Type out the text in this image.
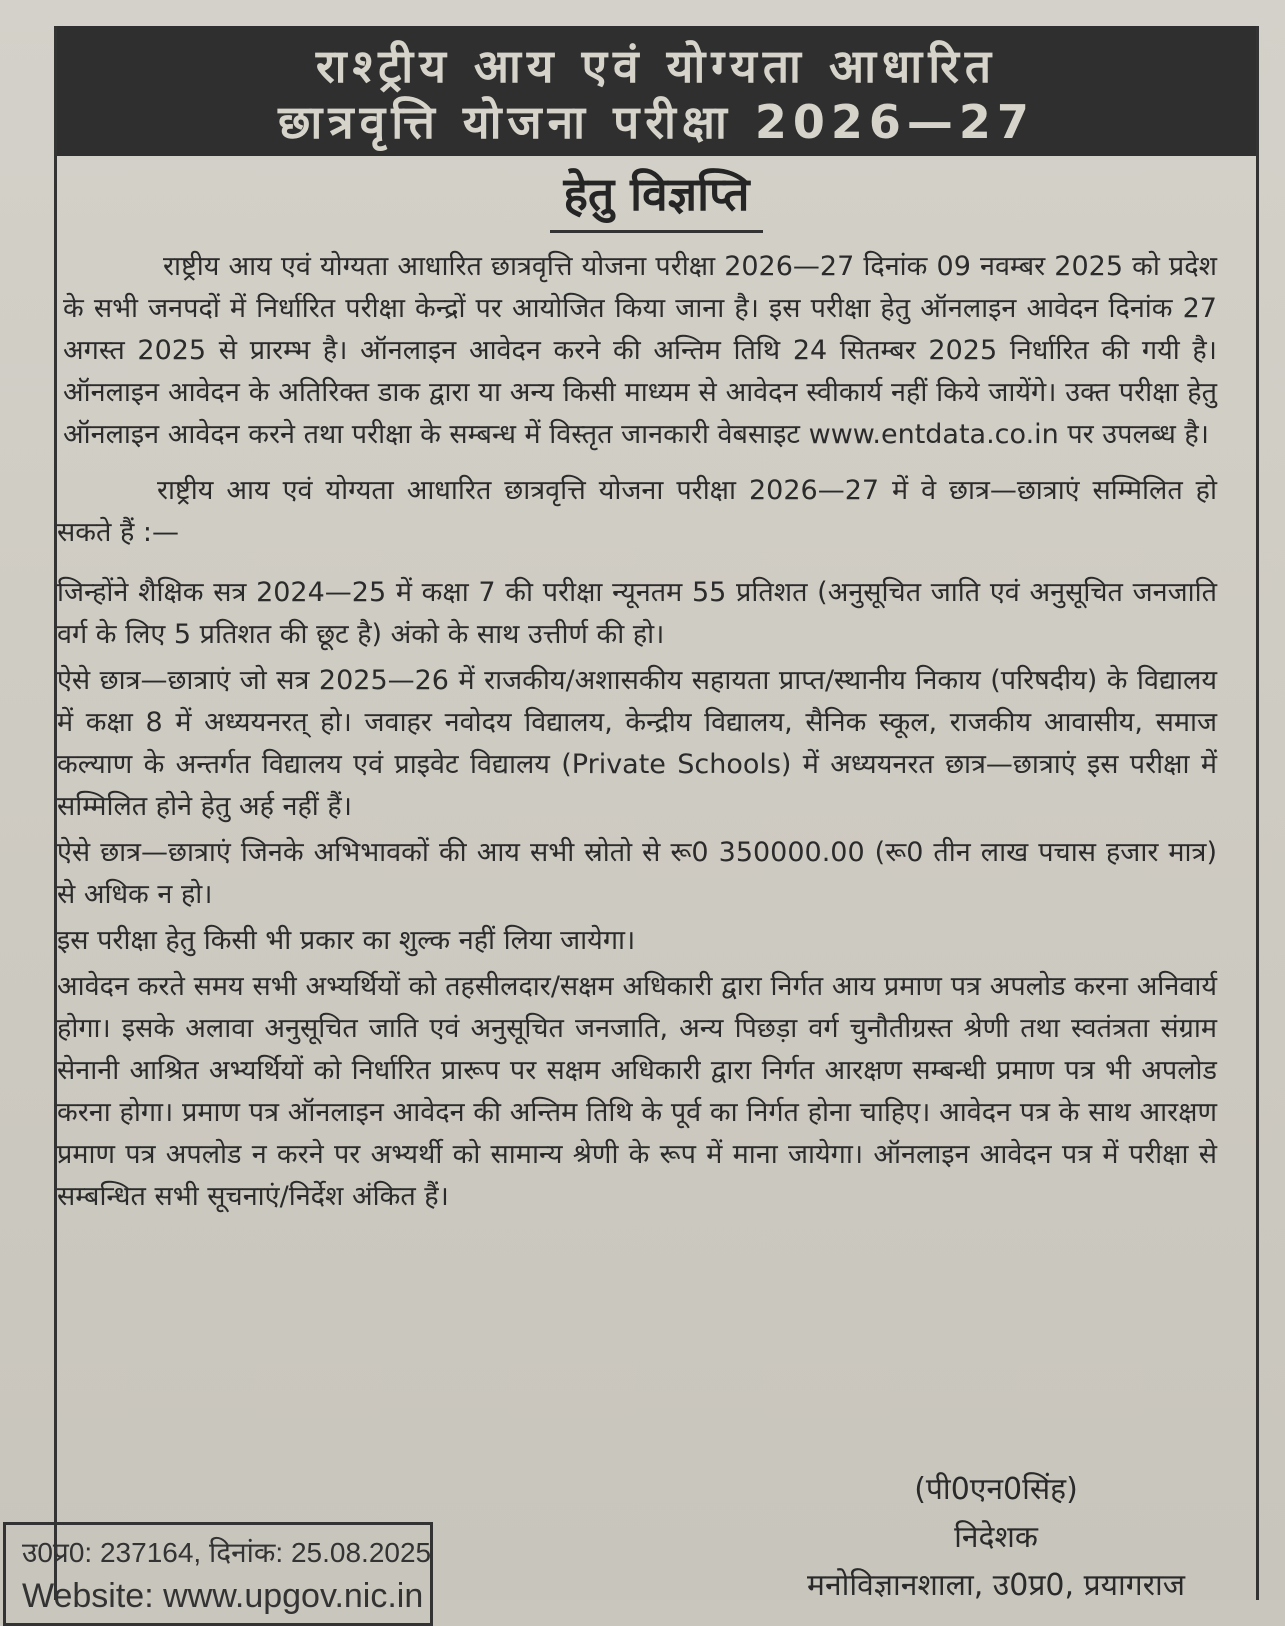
राश्ट्रीय आय एवं योग्यता आधारित
छात्रवृत्ति योजना परीक्षा 2026—27
हेतु विज्ञप्ति

राष्ट्रीय आय एवं योग्यता आधारित छात्रवृत्ति योजना परीक्षा 2026—27 दिनांक 09 नवम्बर 2025 को प्रदेश के सभी जनपदों में निर्धारित परीक्षा केन्द्रों पर आयोजित किया जाना है। इस परीक्षा हेतु ऑनलाइन आवेदन दिनांक 27 अगस्त 2025 से प्रारम्भ है। ऑनलाइन आवेदन करने की अन्तिम तिथि 24 सितम्बर 2025 निर्धारित की गयी है। ऑनलाइन आवेदन के अतिरिक्त डाक द्वारा या अन्य किसी माध्यम से आवेदन स्वीकार्य नहीं किये जायेंगे। उक्त परीक्षा हेतु ऑनलाइन आवेदन करने तथा परीक्षा के सम्बन्ध में विस्तृत जानकारी वेबसाइट www.entdata.co.in पर उपलब्ध है।

राष्ट्रीय आय एवं योग्यता आधारित छात्रवृत्ति योजना परीक्षा 2026—27 में वे छात्र—छात्राएं सम्मिलित हो सकते हैं :—

जिन्होंने शैक्षिक सत्र 2024—25 में कक्षा 7 की परीक्षा न्यूनतम 55 प्रतिशत (अनुसूचित जाति एवं अनुसूचित जनजाति वर्ग के लिए 5 प्रतिशत की छूट है) अंको के साथ उत्तीर्ण की हो।

ऐसे छात्र—छात्राएं जो सत्र 2025—26 में राजकीय/अशासकीय सहायता प्राप्त/स्थानीय निकाय (परिषदीय) के विद्यालय में कक्षा 8 में अध्ययनरत् हो। जवाहर नवोदय विद्यालय, केन्द्रीय विद्यालय, सैनिक स्कूल, राजकीय आवासीय, समाज कल्याण के अन्तर्गत विद्यालय एवं प्राइवेट विद्यालय (Private Schools) में अध्ययनरत छात्र—छात्राएं इस परीक्षा में सम्मिलित होने हेतु अर्ह नहीं हैं।

ऐसे छात्र—छात्राएं जिनके अभिभावकों की आय सभी स्रोतो से रू0 350000.00 (रू0 तीन लाख पचास हजार मात्र) से अधिक न हो।

इस परीक्षा हेतु किसी भी प्रकार का शुल्क नहीं लिया जायेगा।

आवेदन करते समय सभी अभ्यर्थियों को तहसीलदार/सक्षम अधिकारी द्वारा निर्गत आय प्रमाण पत्र अपलोड करना अनिवार्य होगा। इसके अलावा अनुसूचित जाति एवं अनुसूचित जनजाति, अन्य पिछड़ा वर्ग चुनौतीग्रस्त श्रेणी तथा स्वतंत्रता संग्राम सेनानी आश्रित अभ्यर्थियों को निर्धारित प्रारूप पर सक्षम अधिकारी द्वारा निर्गत आरक्षण सम्बन्धी प्रमाण पत्र भी अपलोड करना होगा। प्रमाण पत्र ऑनलाइन आवेदन की अन्तिम तिथि के पूर्व का निर्गत होना चाहिए। आवेदन पत्र के साथ आरक्षण प्रमाण पत्र अपलोड न करने पर अभ्यर्थी को सामान्य श्रेणी के रूप में माना जायेगा। ऑनलाइन आवेदन पत्र में परीक्षा से सम्बन्धित सभी सूचनाएं/निर्देश अंकित हैं।

(पी0एन0सिंह)
निदेशक
मनोविज्ञानशाला, उ0प्र0, प्रयागराज
उ0प्र0: 237164, दिनांक: 25.08.2025
Website: www.upgov.nic.in
